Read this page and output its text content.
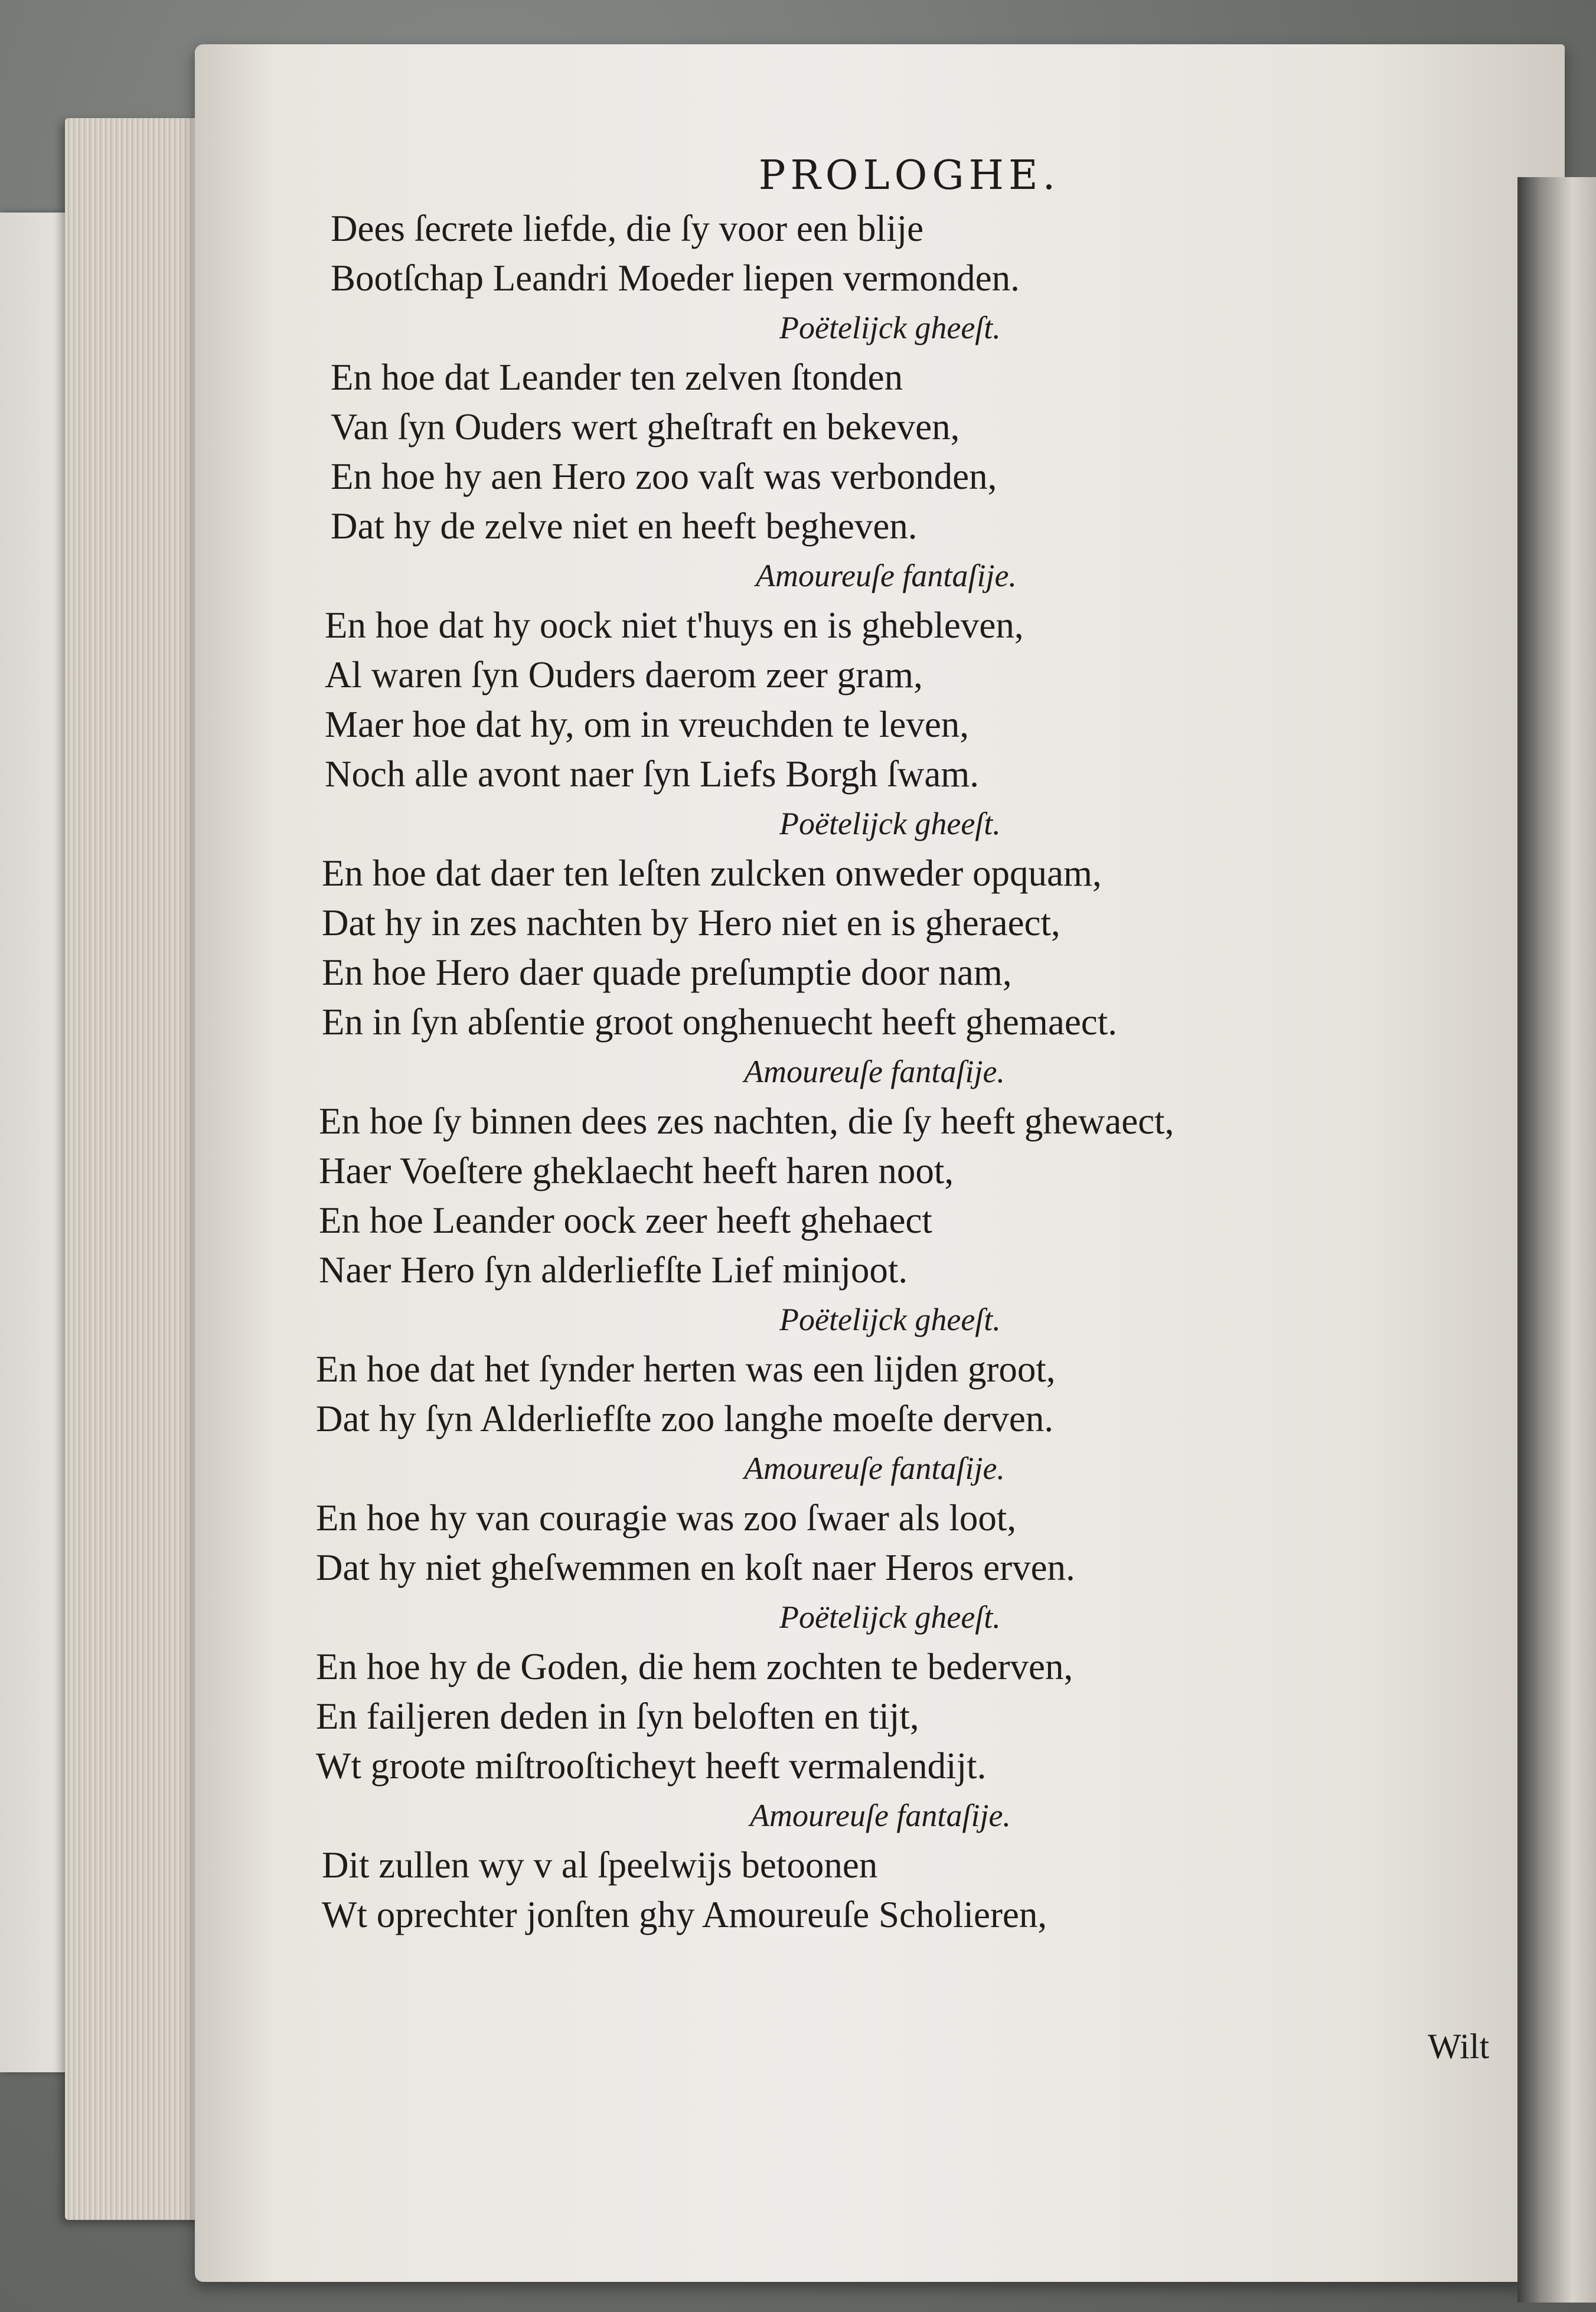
PROLOGHE.
Dees ſecrete liefde, die ſy voor een blije
Bootſchap Leandri Moeder liepen vermonden.
Poëtelijck gheeſt.
En hoe dat Leander ten zelven ſtonden
Van ſyn Ouders wert gheſtraft en bekeven,
En hoe hy aen Hero zoo vaſt was verbonden,
Dat hy de zelve niet en heeft begheven.
Amoureuſe fantaſije.
En hoe dat hy oock niet t'huys en is ghebleven,
Al waren ſyn Ouders daerom zeer gram,
Maer hoe dat hy, om in vreuchden te leven,
Noch alle avont naer ſyn Liefs Borgh ſwam.
Poëtelijck gheeſt.
En hoe dat daer ten leſten zulcken onweder opquam,
Dat hy in zes nachten by Hero niet en is gheraect,
En hoe Hero daer quade preſumptie door nam,
En in ſyn abſentie groot onghenuecht heeft ghemaect.
Amoureuſe fantaſije.
En hoe ſy binnen dees zes nachten, die ſy heeft ghewaect,
Haer Voeſtere gheklaecht heeft haren noot,
En hoe Leander oock zeer heeft ghehaect
Naer Hero ſyn alderliefſte Lief minjoot.
Poëtelijck gheeſt.
En hoe dat het ſynder herten was een lijden groot,
Dat hy ſyn Alderliefſte zoo langhe moeſte derven.
Amoureuſe fantaſije.
En hoe hy van couragie was zoo ſwaer als loot,
Dat hy niet gheſwemmen en koſt naer Heros erven.
Poëtelijck gheeſt.
En hoe hy de Goden, die hem zochten te bederven,
En failjeren deden in ſyn beloften en tijt,
Wt groote miſtrooſticheyt heeft vermalendijt.
Amoureuſe fantaſije.
Dit zullen wy v al ſpeelwijs betoonen
Wt oprechter jonſten ghy Amoureuſe Scholieren,
Wilt
